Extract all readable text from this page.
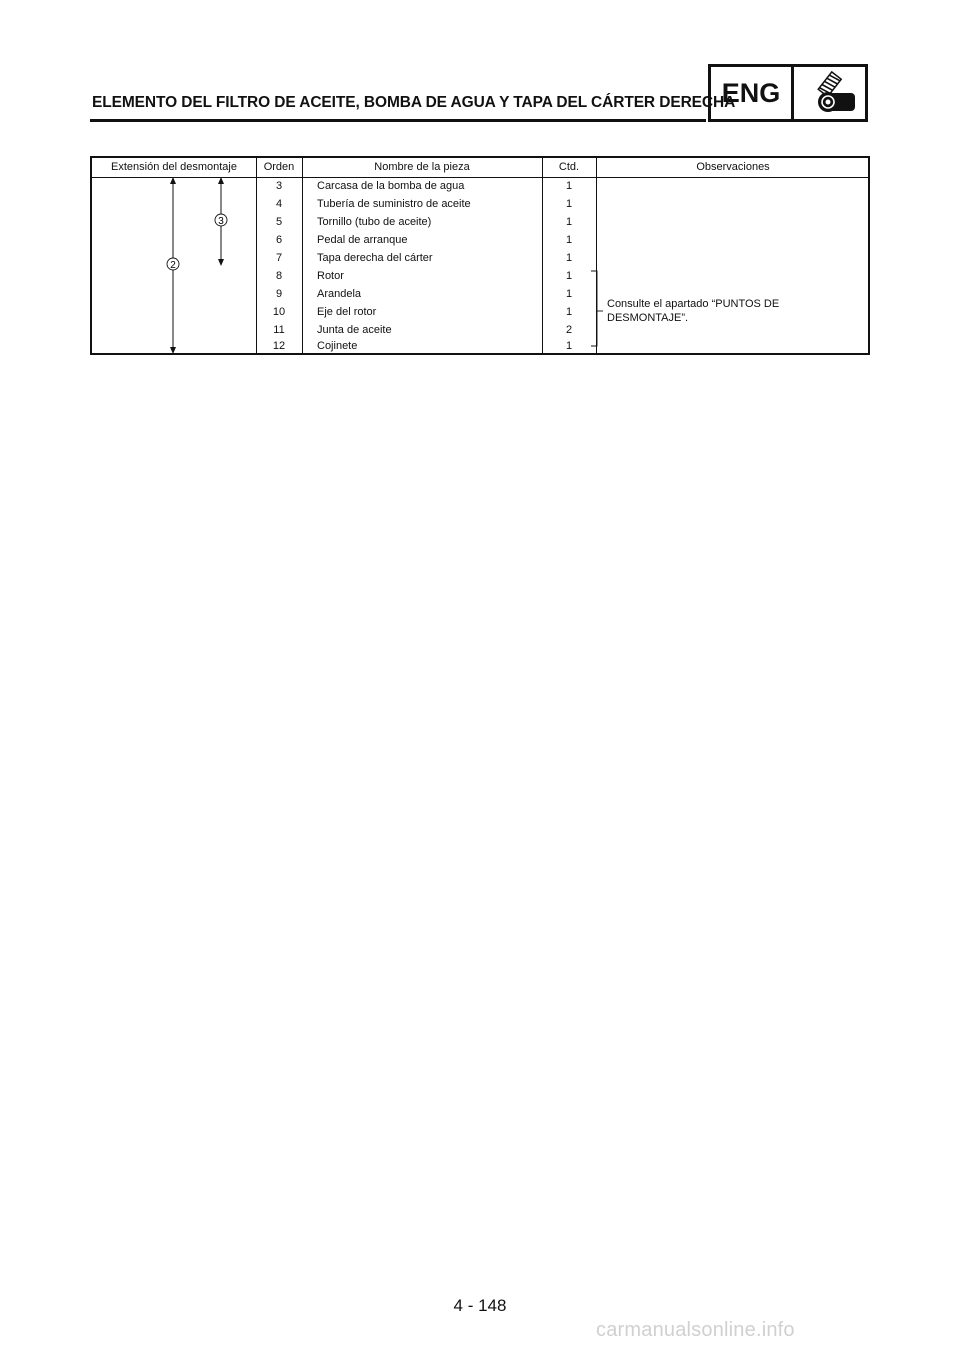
ELEMENTO DEL FILTRO DE ACEITE, BOMBA DE AGUA Y TAPA DEL CÁRTER DERECHA
ENG
Extensión del desmontaje	Orden	Nombre de la pieza	Ctd.	Observaciones
3	Carcasa de la bomba de agua	1
4	Tubería de suministro de aceite	1
5	Tornillo (tubo de aceite)	1
6	Pedal de arranque	1
7	Tapa derecha del cárter	1
8	Rotor	1
9	Arandela	1
10	Eje del rotor	1
11	Junta de aceite	2
12	Cojinete	1
2
3
Consulte el apartado “PUNTOS DE DESMONTAJE”.
4 - 148
carmanualsonline.info
